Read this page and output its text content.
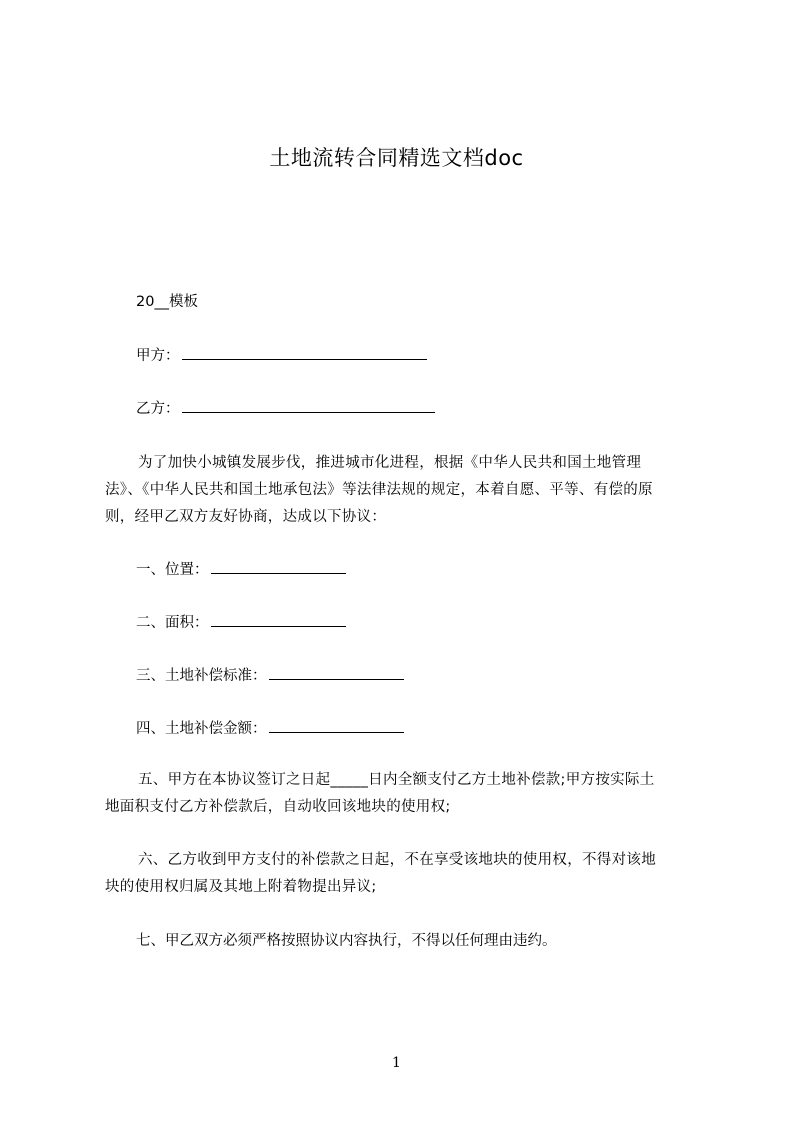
土地流转合同精选文档doc
20__模板
甲方：
乙方：
为了加快小城镇发展步伐，推进城市化进程，根据《中华人民共和国土地管理
法》、《中华人民共和国土地承包法》等法律法规的规定，本着自愿、平等、有偿的原
则，经甲乙双方友好协商，达成以下协议：
一、位置：
二、面积：
三、土地补偿标准：
四、土地补偿金额：
五、甲方在本协议签订之日起_____日内全额支付乙方土地补偿款;甲方按实际土
地面积支付乙方补偿款后，自动收回该地块的使用权;
六、乙方收到甲方支付的补偿款之日起，不在享受该地块的使用权，不得对该地
块的使用权归属及其地上附着物提出异议;
七、甲乙双方必须严格按照协议内容执行，不得以任何理由违约。
1
